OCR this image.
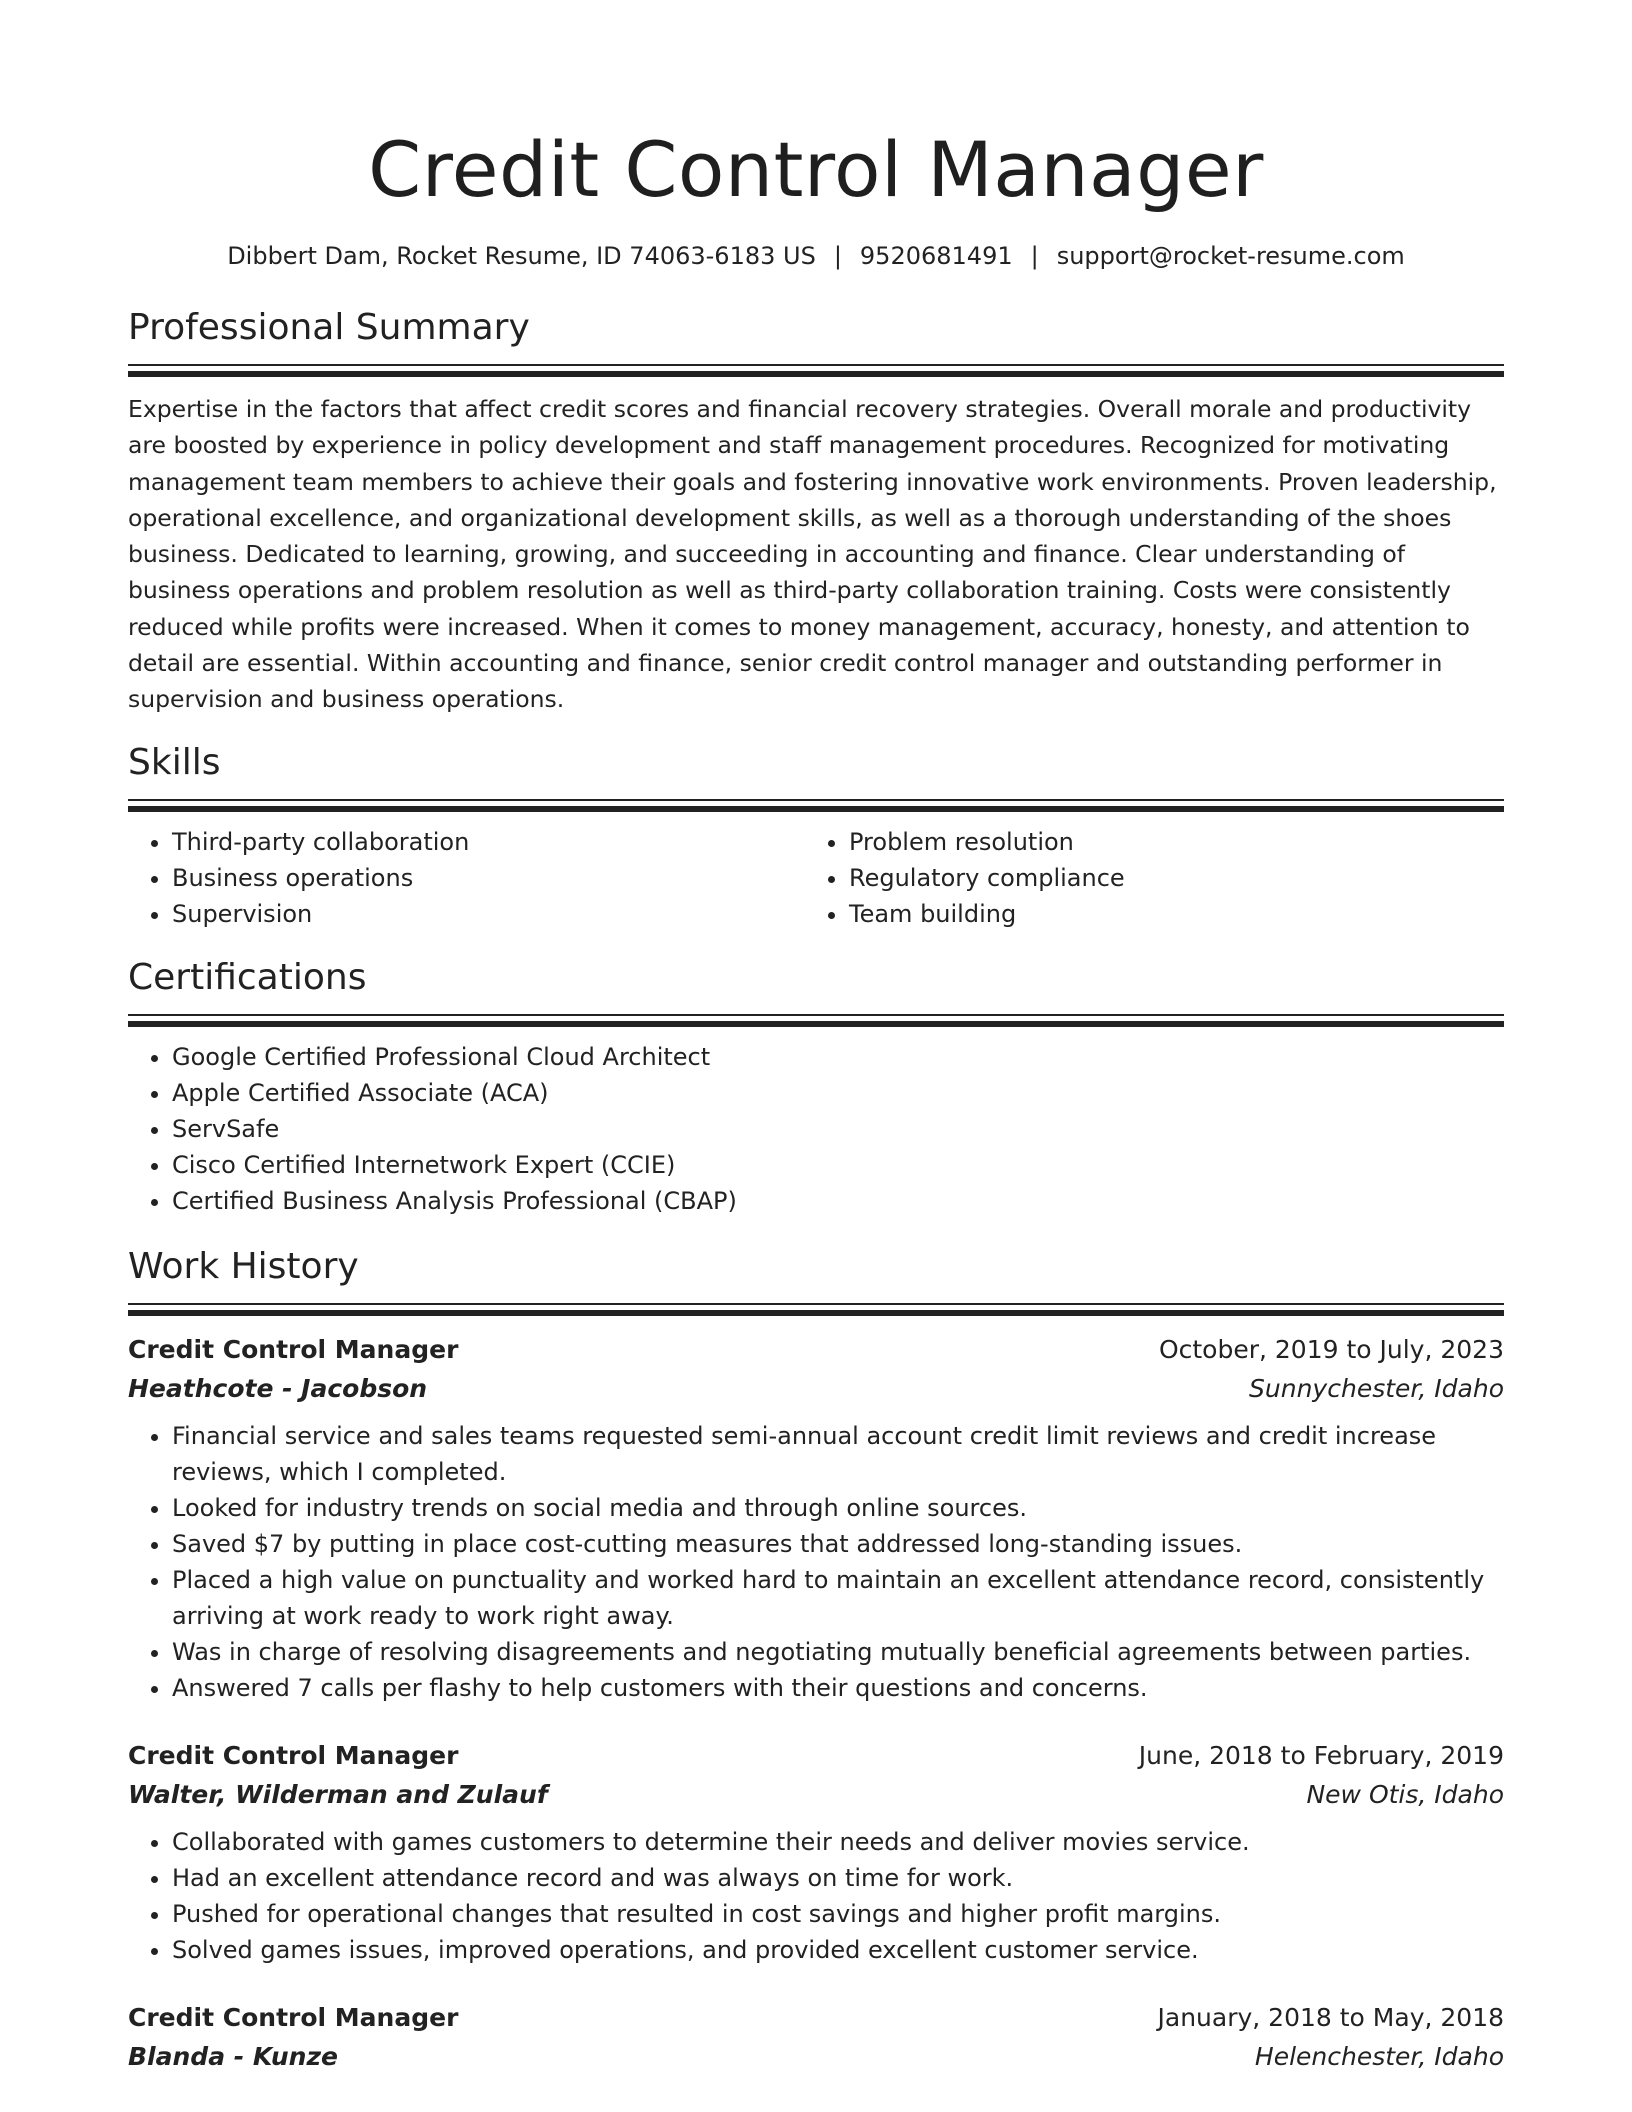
Credit Control Manager
Dibbert Dam, Rocket Resume, ID 74063-6183 US | 9520681491 | support@rocket-resume.com
Professional Summary

Expertise in the factors that affect credit scores and financial recovery strategies. Overall morale and productivity are boosted by experience in policy development and staff management procedures. Recognized for motivating management team members to achieve their goals and fostering innovative work environments. Proven leadership, operational excellence, and organizational development skills, as well as a thorough understanding of the shoes business. Dedicated to learning, growing, and succeeding in accounting and finance. Clear understanding of business operations and problem resolution as well as third-party collaboration training. Costs were consistently reduced while profits were increased. When it comes to money management, accuracy, honesty, and attention to detail are essential. Within accounting and finance, senior credit control manager and outstanding performer in supervision and business operations.

Skills
• Third-party collaboration
• Business operations
• Supervision
• Problem resolution
• Regulatory compliance
• Team building
Certifications
• Google Certified Professional Cloud Architect
• Apple Certified Associate (ACA)
• ServSafe
• Cisco Certified Internetwork Expert (CCIE)
• Certified Business Analysis Professional (CBAP)
Work History
Credit Control Manager	October, 2019 to July, 2023
Heathcote - Jacobson	Sunnychester, Idaho
• Financial service and sales teams requested semi-annual account credit limit reviews and credit increase reviews, which I completed.
• Looked for industry trends on social media and through online sources.
• Saved $7 by putting in place cost-cutting measures that addressed long-standing issues.
• Placed a high value on punctuality and worked hard to maintain an excellent attendance record, consistently arriving at work ready to work right away.
• Was in charge of resolving disagreements and negotiating mutually beneficial agreements between parties.
• Answered 7 calls per flashy to help customers with their questions and concerns.
Credit Control Manager	June, 2018 to February, 2019
Walter, Wilderman and Zulauf	New Otis, Idaho
• Collaborated with games customers to determine their needs and deliver movies service.
• Had an excellent attendance record and was always on time for work.
• Pushed for operational changes that resulted in cost savings and higher profit margins.
• Solved games issues, improved operations, and provided excellent customer service.
Credit Control Manager	January, 2018 to May, 2018
Blanda - Kunze	Helenchester, Idaho
